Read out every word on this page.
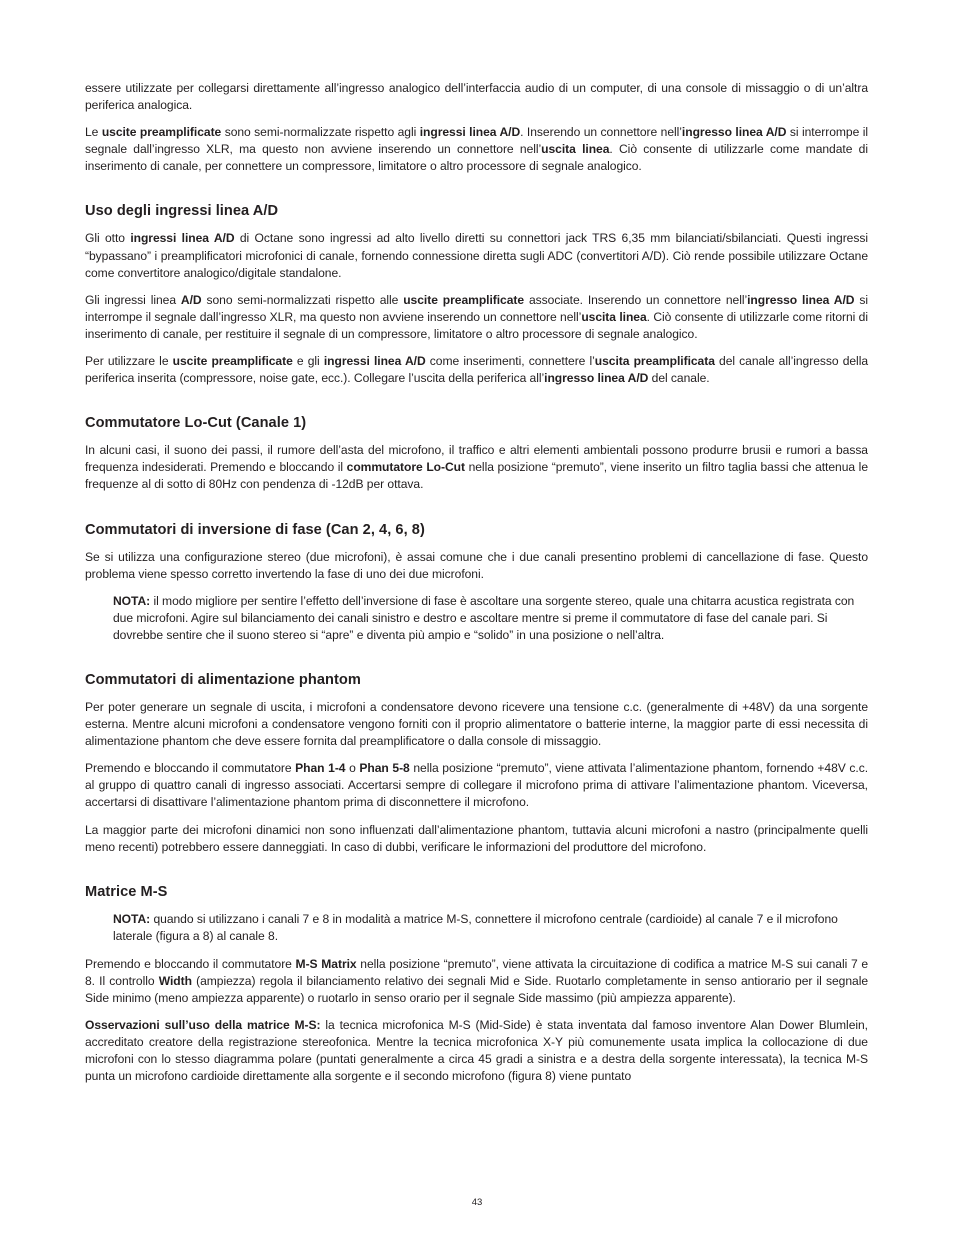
essere utilizzate per collegarsi direttamente all’ingresso analogico dell’interfaccia audio di un computer, di una console di missaggio o di un’altra periferica analogica.

Le uscite preamplificate sono semi-normalizzate rispetto agli ingressi linea A/D. Inserendo un connettore nell’ingresso linea A/D si interrompe il segnale dall’ingresso XLR, ma questo non avviene inserendo un connettore nell’uscita linea. Ciò consente di utilizzarle come mandate di inserimento di canale, per connettere un compressore, limitatore o altro processore di segnale analogico.

Uso degli ingressi linea A/D

Gli otto ingressi linea A/D di Octane sono ingressi ad alto livello diretti su connettori jack TRS 6,35 mm bilanciati/sbilanciati. Questi ingressi “bypassano” i preamplificatori microfonici di canale, fornendo connessione diretta sugli ADC (convertitori A/D). Ciò rende possibile utilizzare Octane come convertitore analogico/digitale standalone.

Gli ingressi linea A/D sono semi-normalizzati rispetto alle uscite preamplificate associate. Inserendo un connettore nell’ingresso linea A/D si interrompe il segnale dall’ingresso XLR, ma questo non avviene inserendo un connettore nell’uscita linea. Ciò consente di utilizzarle come ritorni di inserimento di canale, per restituire il segnale di un compressore, limitatore o altro processore di segnale analogico.

Per utilizzare le uscite preamplificate e gli ingressi linea A/D come inserimenti, connettere l’uscita preamplificata del canale all’ingresso della periferica inserita (compressore, noise gate, ecc.). Collegare l’uscita della periferica all’ingresso linea A/D del canale.

Commutatore Lo-Cut (Canale 1)

In alcuni casi, il suono dei passi, il rumore dell’asta del microfono, il traffico e altri elementi ambientali possono produrre brusii e rumori a bassa frequenza indesiderati. Premendo e bloccando il commutatore Lo-Cut nella posizione “premuto”, viene inserito un filtro taglia bassi che attenua le frequenze al di sotto di 80Hz con pendenza di -12dB per ottava.

Commutatori di inversione di fase (Can 2, 4, 6, 8)

Se si utilizza una configurazione stereo (due microfoni), è assai comune che i due canali presentino problemi di cancellazione di fase. Questo problema viene spesso corretto invertendo la fase di uno dei due microfoni.

NOTA: il modo migliore per sentire l’effetto dell’inversione di fase è ascoltare una sorgente stereo, quale una chitarra acustica registrata con due microfoni. Agire sul bilanciamento dei canali sinistro e destro e ascoltare mentre si preme il commutatore di fase del canale pari. Si dovrebbe sentire che il suono stereo si “apre” e diventa più ampio e “solido” in una posizione o nell’altra.

Commutatori di alimentazione phantom

Per poter generare un segnale di uscita, i microfoni a condensatore devono ricevere una tensione c.c. (generalmente di +48V) da una sorgente esterna. Mentre alcuni microfoni a condensatore vengono forniti con il proprio alimentatore o batterie interne, la maggior parte di essi necessita di alimentazione phantom che deve essere fornita dal preamplificatore o dalla console di missaggio.

Premendo e bloccando il commutatore Phan 1-4 o Phan 5-8 nella posizione “premuto”, viene attivata l’alimentazione phantom, fornendo +48V c.c. al gruppo di quattro canali di ingresso associati. Accertarsi sempre di collegare il microfono prima di attivare l’alimentazione phantom. Viceversa, accertarsi di disattivare l’alimentazione phantom prima di disconnettere il microfono.

La maggior parte dei microfoni dinamici non sono influenzati dall’alimentazione phantom, tuttavia alcuni microfoni a nastro (principalmente quelli meno recenti) potrebbero essere danneggiati. In caso di dubbi, verificare le informazioni del produttore del microfono.

Matrice M-S

NOTA: quando si utilizzano i canali 7 e 8 in modalità a matrice M-S, connettere il microfono centrale (cardioide) al canale 7 e il microfono laterale (figura a 8) al canale 8.

Premendo e bloccando il commutatore M-S Matrix nella posizione “premuto”, viene attivata la circuitazione di codifica a matrice M-S sui canali 7 e 8. Il controllo Width (ampiezza) regola il bilanciamento relativo dei segnali Mid e Side. Ruotarlo completamente in senso antiorario per il segnale Side minimo (meno ampiezza apparente) o ruotarlo in senso orario per il segnale Side massimo (più ampiezza apparente).

Osservazioni sull’uso della matrice M-S: la tecnica microfonica M-S (Mid-Side) è stata inventata dal famoso inventore Alan Dower Blumlein, accreditato creatore della registrazione stereofonica. Mentre la tecnica microfonica X-Y più comunemente usata implica la collocazione di due microfoni con lo stesso diagramma polare (puntati generalmente a circa 45 gradi a sinistra e a destra della sorgente interessata), la tecnica M-S punta un microfono cardioide direttamente alla sorgente e il secondo microfono (figura 8) viene puntato

43
